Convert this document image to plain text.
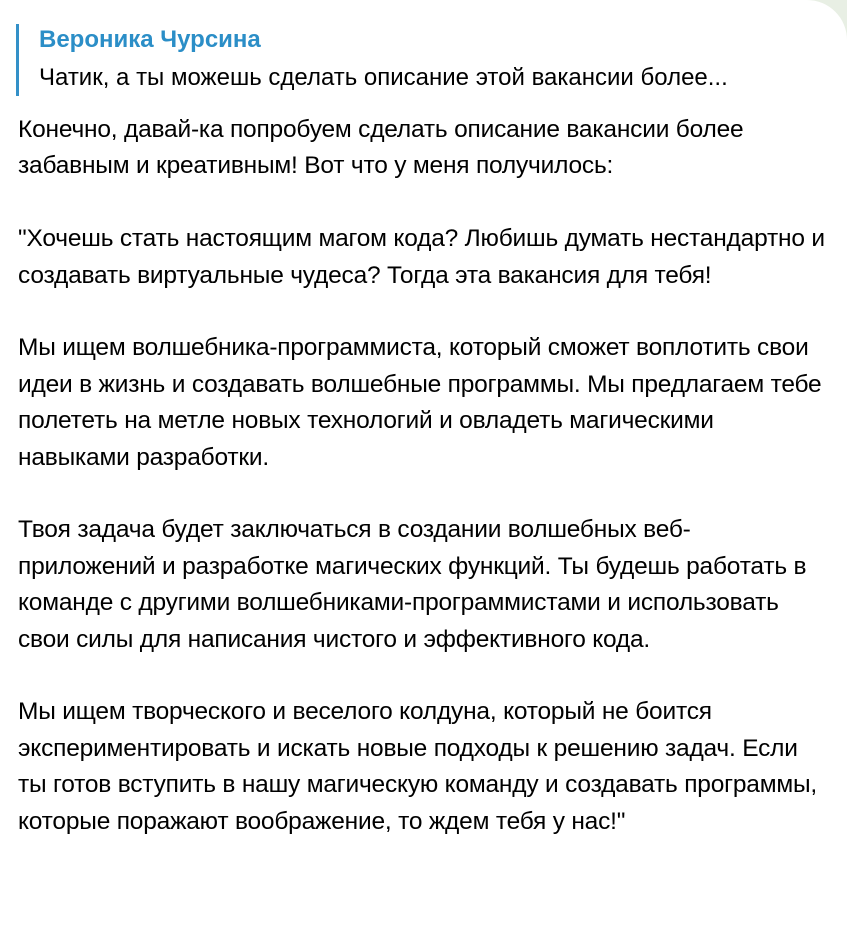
Вероника Чурсина
Чатик, а ты можешь сделать описание этой вакансии более...

Конечно, давай-ка попробуем сделать описание вакансии более забавным и креативным! Вот что у меня получилось:

"Хочешь стать настоящим магом кода? Любишь думать нестандартно и создавать виртуальные чудеса? Тогда эта вакансия для тебя!

Мы ищем волшебника-программиста, который сможет воплотить свои идеи в жизнь и создавать волшебные программы. Мы предлагаем тебе полететь на метле новых технологий и овладеть магическими навыками разработки.

Твоя задача будет заключаться в создании волшебных веб-приложений и разработке магических функций. Ты будешь работать в команде с другими волшебниками-программистами и использовать свои силы для написания чистого и эффективного кода.

Мы ищем творческого и веселого колдуна, который не боится экспериментировать и искать новые подходы к решению задач. Если ты готов вступить в нашу магическую команду и создавать программы, которые поражают воображение, то ждем тебя у нас!"
